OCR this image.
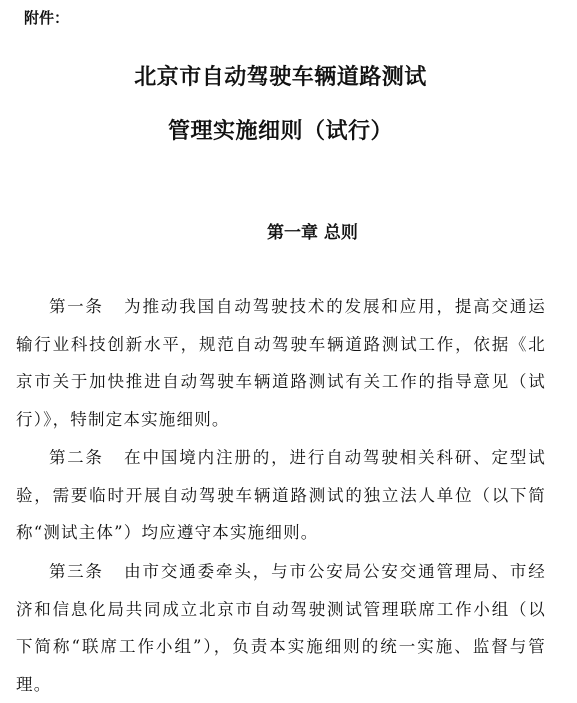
附件：
北京市自动驾驶车辆道路测试
管理实施细则（试行）
第一章 总则

第一条 为推动我国自动驾驶技术的发展和应用，提高交通运输行业科技创新水平，规范自动驾驶车辆道路测试工作，依据《北京市关于加快推进自动驾驶车辆道路测试有关工作的指导意见（试行）》，特制定本实施细则。

第二条 在中国境内注册的，进行自动驾驶相关科研、定型试验，需要临时开展自动驾驶车辆道路测试的独立法人单位（以下简称“测试主体”）均应遵守本实施细则。

第三条 由市交通委牵头，与市公安局公安交通管理局、市经济和信息化局共同成立北京市自动驾驶测试管理联席工作小组（以下简称“联席工作小组”），负责本实施细则的统一实施、监督与管理。
